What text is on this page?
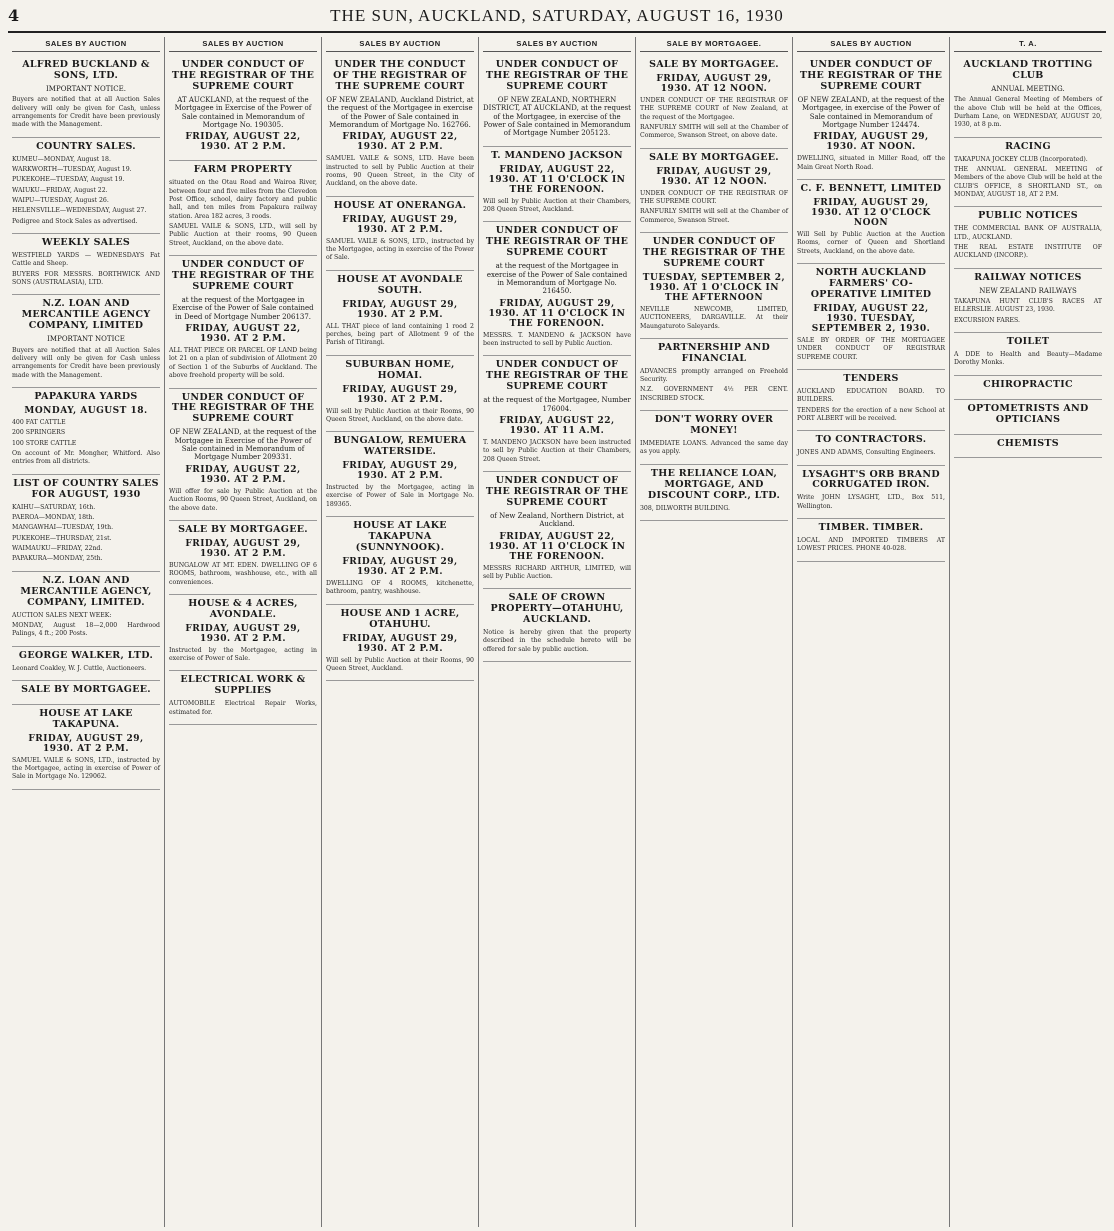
4	THE SUN, AUCKLAND, SATURDAY, AUGUST 16, 1930
SALES BY AUCTION
ALFRED BUCKLAND & SONS, LTD.
IMPORTANT NOTICE.

Buyers are notified that at all Auction Sales delivery will only be given for Cash, unless arrangements for Credit have been previously made with the Management.

COUNTRY SALES.

KUMEU—MONDAY, August 18.

WARKWORTH—TUESDAY, August 19.

PUKEKOHE—TUESDAY, August 19.

WAIUKU—FRIDAY, August 22.

WAIPU—TUESDAY, August 26.

HELENSVILLE—WEDNESDAY, August 27.

Pedigree and Stock Sales as advertised.

WEEKLY SALES

WESTFIELD YARDS — WEDNESDAYS Fat Cattle and Sheep.

BUYERS FOR MESSRS. BORTHWICK AND SONS (AUSTRALASIA), LTD.

N.Z. LOAN AND MERCANTILE AGENCY COMPANY, LIMITED
IMPORTANT NOTICE

Buyers are notified that at all Auction Sales delivery will only be given for Cash unless arrangements for Credit have been previously made with the Management.

PAPAKURA YARDS
MONDAY, AUGUST 18.

400 FAT CATTLE

200 SPRINGERS

100 STORE CATTLE

On account of Mr. Mongher, Whitford. Also entries from all districts.

LIST OF COUNTRY SALES FOR AUGUST, 1930

KAIHU—SATURDAY, 16th.

PAEROA—MONDAY, 18th.

MANGAWHAI—TUESDAY, 19th.

PUKEKOHE—THURSDAY, 21st.

WAIMAUKU—FRIDAY, 22nd.

PAPAKURA—MONDAY, 25th.

N.Z. LOAN AND MERCANTILE AGENCY, COMPANY, LIMITED.

AUCTION SALES NEXT WEEK:

MONDAY, August 18—2,000 Hardwood Palings, 4 ft.; 200 Posts.

GEORGE WALKER, LTD.

Leonard Coakley, W. J. Cuttle, Auctioneers.

SALE BY MORTGAGEE.
HOUSE AT LAKE TAKAPUNA.
FRIDAY, AUGUST 29, 1930. AT 2 P.M.

SAMUEL VAILE & SONS, LTD., instructed by the Mortgagee, acting in exercise of Power of Sale in Mortgage No. 129062.

SALES BY AUCTION
UNDER CONDUCT OF THE REGISTRAR OF THE SUPREME COURT
AT AUCKLAND, at the request of the Mortgagee in Exercise of the Power of Sale contained in Memorandum of Mortgage No. 190305.
FRIDAY, AUGUST 22, 1930. AT 2 P.M.
FARM PROPERTY

situated on the Otau Road and Wairoa River, between four and five miles from the Clevedon Post Office, school, dairy factory and public hall, and ten miles from Papakura railway station. Area 182 acres, 3 roods.

SAMUEL VAILE & SONS, LTD., will sell by Public Auction at their rooms, 90 Queen Street, Auckland, on the above date.

UNDER CONDUCT OF THE REGISTRAR OF THE SUPREME COURT
at the request of the Mortgagee in Exercise of the Power of Sale contained in Deed of Mortgage Number 206137.
FRIDAY, AUGUST 22, 1930. AT 2 P.M.

ALL THAT PIECE OR PARCEL OF LAND being lot 21 on a plan of subdivision of Allotment 20 of Section 1 of the Suburbs of Auckland. The above freehold property will be sold.

UNDER CONDUCT OF THE REGISTRAR OF THE SUPREME COURT
OF NEW ZEALAND, at the request of the Mortgagee in Exercise of the Power of Sale contained in Memorandum of Mortgage Number 209331.
FRIDAY, AUGUST 22, 1930. AT 2 P.M.

Will offer for sale by Public Auction at the Auction Rooms, 90 Queen Street, Auckland, on the above date.

SALE BY MORTGAGEE.
FRIDAY, AUGUST 29, 1930. AT 2 P.M.

BUNGALOW AT MT. EDEN. DWELLING OF 6 ROOMS, bathroom, washhouse, etc., with all conveniences.

HOUSE & 4 ACRES, AVONDALE.
FRIDAY, AUGUST 29, 1930. AT 2 P.M.

Instructed by the Mortgagee, acting in exercise of Power of Sale.

ELECTRICAL WORK & SUPPLIES

AUTOMOBILE Electrical Repair Works, estimated for.

SALES BY AUCTION
UNDER THE CONDUCT OF THE REGISTRAR OF THE SUPREME COURT
OF NEW ZEALAND, Auckland District, at the request of the Mortgagee in exercise of the Power of Sale contained in Memorandum of Mortgage No. 162766.
FRIDAY, AUGUST 22, 1930. AT 2 P.M.

SAMUEL VAILE & SONS, LTD. Have been instructed to sell by Public Auction at their rooms, 90 Queen Street, in the City of Auckland, on the above date.

HOUSE AT ONERANGA.
FRIDAY, AUGUST 29, 1930. AT 2 P.M.

SAMUEL VAILE & SONS, LTD., instructed by the Mortgagee, acting in exercise of the Power of Sale.

HOUSE AT AVONDALE SOUTH.
FRIDAY, AUGUST 29, 1930. AT 2 P.M.

ALL THAT piece of land containing 1 rood 2 perches, being part of Allotment 9 of the Parish of Titirangi.

SUBURBAN HOME, HOMAI.
FRIDAY, AUGUST 29, 1930. AT 2 P.M.

Will sell by Public Auction at their Rooms, 90 Queen Street, Auckland, on the above date.

BUNGALOW, REMUERA WATERSIDE.
FRIDAY, AUGUST 29, 1930. AT 2 P.M.

Instructed by the Mortgagee, acting in exercise of Power of Sale in Mortgage No. 189365.

HOUSE AT LAKE TAKAPUNA (SUNNYNOOK).
FRIDAY, AUGUST 29, 1930. AT 2 P.M.

DWELLING OF 4 ROOMS, kitchenette, bathroom, pantry, washhouse.

HOUSE AND 1 ACRE, OTAHUHU.
FRIDAY, AUGUST 29, 1930. AT 2 P.M.

Will sell by Public Auction at their Rooms, 90 Queen Street, Auckland.

SALES BY AUCTION
UNDER CONDUCT OF THE REGISTRAR OF THE SUPREME COURT
OF NEW ZEALAND, NORTHERN DISTRICT, AT AUCKLAND, at the request of the Mortgagee, in exercise of the Power of Sale contained in Memorandum of Mortgage Number 205123.
T. MANDENO JACKSON
FRIDAY, AUGUST 22, 1930. AT 11 O'CLOCK IN THE FORENOON.

Will sell by Public Auction at their Chambers, 208 Queen Street, Auckland.

UNDER CONDUCT OF THE REGISTRAR OF THE SUPREME COURT
at the request of the Mortgagee in exercise of the Power of Sale contained in Memorandum of Mortgage No. 216450.
FRIDAY, AUGUST 29, 1930. AT 11 O'CLOCK IN THE FORENOON.

MESSRS. T. MANDENO & JACKSON have been instructed to sell by Public Auction.

UNDER CONDUCT OF THE REGISTRAR OF THE SUPREME COURT
at the request of the Mortgagee, Number 176004.
FRIDAY, AUGUST 22, 1930. AT 11 A.M.

T. MANDENO JACKSON have been instructed to sell by Public Auction at their Chambers, 208 Queen Street.

UNDER CONDUCT OF THE REGISTRAR OF THE SUPREME COURT
of New Zealand, Northern District, at Auckland.
FRIDAY, AUGUST 22, 1930. AT 11 O'CLOCK IN THE FORENOON.

MESSRS RICHARD ARTHUR, LIMITED, will sell by Public Auction.

SALE OF CROWN PROPERTY—OTAHUHU, AUCKLAND.

Notice is hereby given that the property described in the schedule hereto will be offered for sale by public auction.

SALE BY MORTGAGEE.
SALE BY MORTGAGEE.
FRIDAY, AUGUST 29, 1930. AT 12 NOON.

UNDER CONDUCT OF THE REGISTRAR OF THE SUPREME COURT of New Zealand, at the request of the Mortgagee.

RANFURLY SMITH will sell at the Chamber of Commerce, Swanson Street, on above date.

SALE BY MORTGAGEE.
FRIDAY, AUGUST 29, 1930. AT 12 NOON.

UNDER CONDUCT OF THE REGISTRAR OF THE SUPREME COURT.

RANFURLY SMITH will sell at the Chamber of Commerce, Swanson Street.

UNDER CONDUCT OF THE REGISTRAR OF THE SUPREME COURT
TUESDAY, SEPTEMBER 2, 1930. AT 1 O'CLOCK IN THE AFTERNOON

NEVILLE NEWCOMB, LIMITED, AUCTIONEERS, DARGAVILLE. At their Maungaturoto Saleyards.

PARTNERSHIP AND FINANCIAL

ADVANCES promptly arranged on Freehold Security.

N.Z. GOVERNMENT 4½ PER CENT. INSCRIBED STOCK.

DON'T WORRY OVER MONEY!

IMMEDIATE LOANS. Advanced the same day as you apply.

THE RELIANCE LOAN, MORTGAGE, AND DISCOUNT CORP., LTD.

308, DILWORTH BUILDING.

SALES BY AUCTION
UNDER CONDUCT OF THE REGISTRAR OF THE SUPREME COURT
OF NEW ZEALAND, at the request of the Mortgagee, in exercise of the Power of Sale contained in Memorandum of Mortgage Number 124474.
FRIDAY, AUGUST 29, 1930. AT NOON.

DWELLING, situated in Miller Road, off the Main Great North Road.

C. F. BENNETT, LIMITED
FRIDAY, AUGUST 29, 1930. AT 12 O'CLOCK NOON

Will Sell by Public Auction at the Auction Rooms, corner of Queen and Shortland Streets, Auckland, on the above date.

NORTH AUCKLAND FARMERS' CO-OPERATIVE LIMITED
FRIDAY, AUGUST 22, 1930. TUESDAY, SEPTEMBER 2, 1930.

SALE BY ORDER OF THE MORTGAGEE UNDER CONDUCT OF REGISTRAR SUPREME COURT.

TENDERS

AUCKLAND EDUCATION BOARD. TO BUILDERS.

TENDERS for the erection of a new School at PORT ALBERT will be received.

TO CONTRACTORS.

JONES AND ADAMS, Consulting Engineers.

LYSAGHT'S ORB BRAND CORRUGATED IRON.

Write JOHN LYSAGHT, LTD., Box 511, Wellington.

TIMBER. TIMBER.

LOCAL AND IMPORTED TIMBERS AT LOWEST PRICES. PHONE 40-028.

T. A.
AUCKLAND TROTTING CLUB
ANNUAL MEETING.

The Annual General Meeting of Members of the above Club will be held at the Offices, Durham Lane, on WEDNESDAY, AUGUST 20, 1930, at 8 p.m.

RACING

TAKAPUNA JOCKEY CLUB (Incorporated).

THE ANNUAL GENERAL MEETING of Members of the above Club will be held at the CLUB'S OFFICE, 8 SHORTLAND ST., on MONDAY, AUGUST 18, AT 2 P.M.

PUBLIC NOTICES

THE COMMERCIAL BANK OF AUSTRALIA, LTD., AUCKLAND.

THE REAL ESTATE INSTITUTE OF AUCKLAND (INCORP.).

RAILWAY NOTICES
NEW ZEALAND RAILWAYS

TAKAPUNA HUNT CLUB'S RACES AT ELLERSLIE. AUGUST 23, 1930.

EXCURSION FARES.

TOILET

A DDE to Health and Beauty—Madame Dorothy Monks.

CHIROPRACTIC
OPTOMETRISTS AND OPTICIANS
CHEMISTS
